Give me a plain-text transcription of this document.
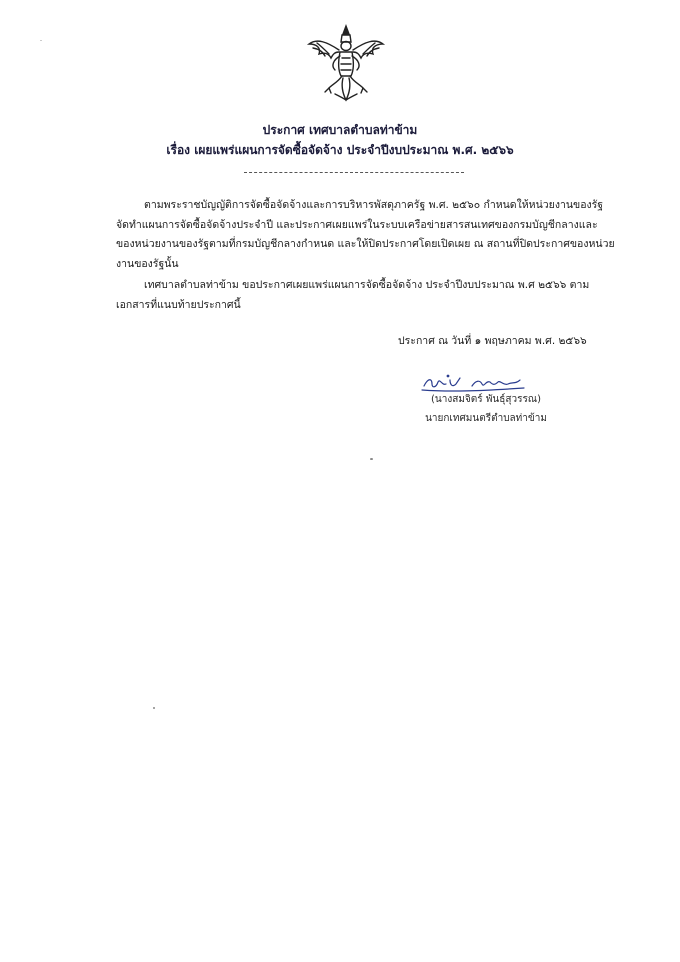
ประกาศ เทศบาลตำบลท่าข้าม
เรื่อง เผยแพร่แผนการจัดซื้อจัดจ้าง ประจำปีงบประมาณ พ.ศ. ๒๕๖๖
ตามพระราชบัญญัติการจัดซื้อจัดจ้างและการบริหารพัสดุภาครัฐ พ.ศ. ๒๕๖๐ กำหนดให้หน่วยงานของรัฐจัดทำแผนการจัดซื้อจัดจ้างประจำปี และประกาศเผยแพร่ในระบบเครือข่ายสารสนเทศของกรมบัญชีกลางและของหน่วยงานของรัฐตามที่กรมบัญชีกลางกำหนด และให้ปิดประกาศโดยเปิดเผย ณ สถานที่ปิดประกาศของหน่วยงานของรัฐนั้น
เทศบาลตำบลท่าข้าม ขอประกาศเผยแพร่แผนการจัดซื้อจัดจ้าง ประจำปีงบประมาณ พ.ศ ๒๕๖๖ ตามเอกสารที่แนบท้ายประกาศนี้
ประกาศ ณ วันที่ ๑ พฤษภาคม พ.ศ. ๒๕๖๖
(นางสมจิตร์ พันธุ์สุวรรณ)
นายกเทศมนตรีตำบลท่าข้าม
